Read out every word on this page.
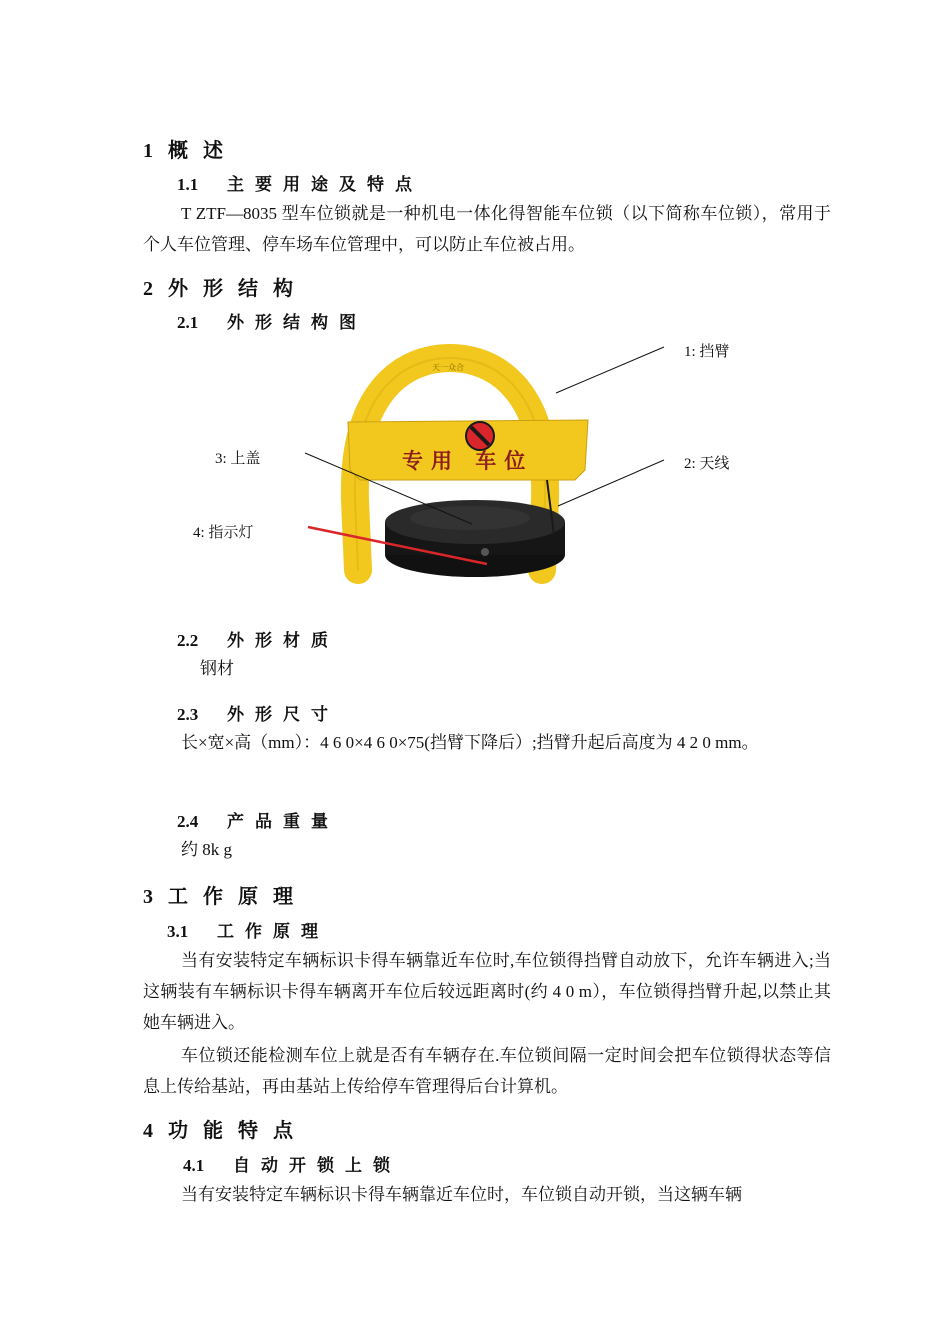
1 概 述
1.1 主要用途及特点
T ZTF—8035 型车位锁就是一种机电一体化得智能车位锁（以下简称车位锁），常用于个人车位管理、停车场车位管理中，可以防止车位被占用。
2 外 形 结 构
2.1 外形结构图
天一众合
专用 车位
1: 挡臂
2: 天线
3: 上盖
4: 指示灯
2.2 外形材质
钢材
2.3 外形尺寸
长×宽×高（mm）：4 6 0×4 6 0×75(挡臂下降后）;挡臂升起后高度为 4 2 0 mm。
2.4 产品重量
约 8k g
3 工 作 原 理
3.1 工作原理
当有安装特定车辆标识卡得车辆靠近车位时,车位锁得挡臂自动放下，允许车辆进入;当这辆装有车辆标识卡得车辆离开车位后较远距离时(约 4 0 m），车位锁得挡臂升起,以禁止其她车辆进入。
车位锁还能检测车位上就是否有车辆存在.车位锁间隔一定时间会把车位锁得状态等信息上传给基站，再由基站上传给停车管理得后台计算机。
4 功 能 特 点
4.1 自动开锁上锁
当有安装特定车辆标识卡得车辆靠近车位时，车位锁自动开锁，当这辆车辆
